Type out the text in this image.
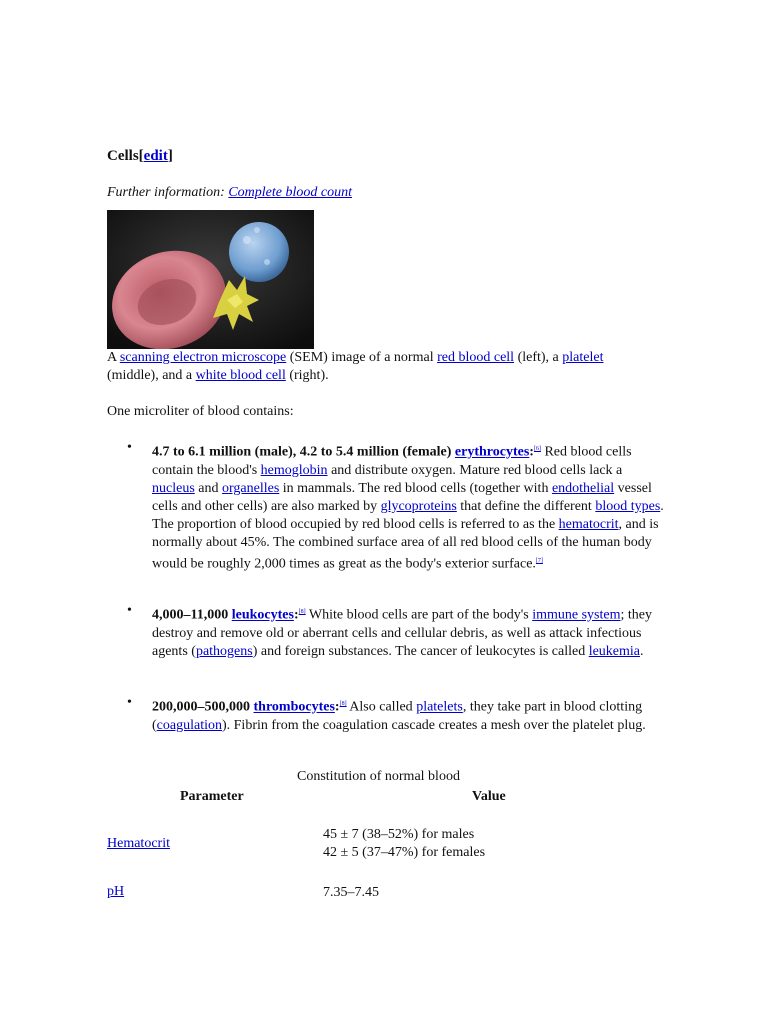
Cells[edit]
Further information: Complete blood count
A scanning electron microscope (SEM) image of a normal red blood cell (left), a platelet
(middle), and a white blood cell (right).
One microliter of blood contains:
• 4.7 to 6.1 million (male), 4.2 to 5.4 million (female) erythrocytes:[6] Red blood cells contain the blood's hemoglobin and distribute oxygen. Mature red blood cells lack a nucleus and organelles in mammals. The red blood cells (together with endothelial vessel cells and other cells) are also marked by glycoproteins that define the different blood types. The proportion of blood occupied by red blood cells is referred to as the hematocrit, and is normally about 45%. The combined surface area of all red blood cells of the human body would be roughly 2,000 times as great as the body's exterior surface.[7]
• 4,000–11,000 leukocytes:[8] White blood cells are part of the body's immune system; they destroy and remove old or aberrant cells and cellular debris, as well as attack infectious agents (pathogens) and foreign substances. The cancer of leukocytes is called leukemia.
• 200,000–500,000 thrombocytes:[8] Also called platelets, they take part in blood clotting (coagulation). Fibrin from the coagulation cascade creates a mesh over the platelet plug.
Constitution of normal blood
Parameter	Value
Hematocrit
45 ± 7 (38–52%) for males
42 ± 5 (37–47%) for females
pH	7.35–7.45
